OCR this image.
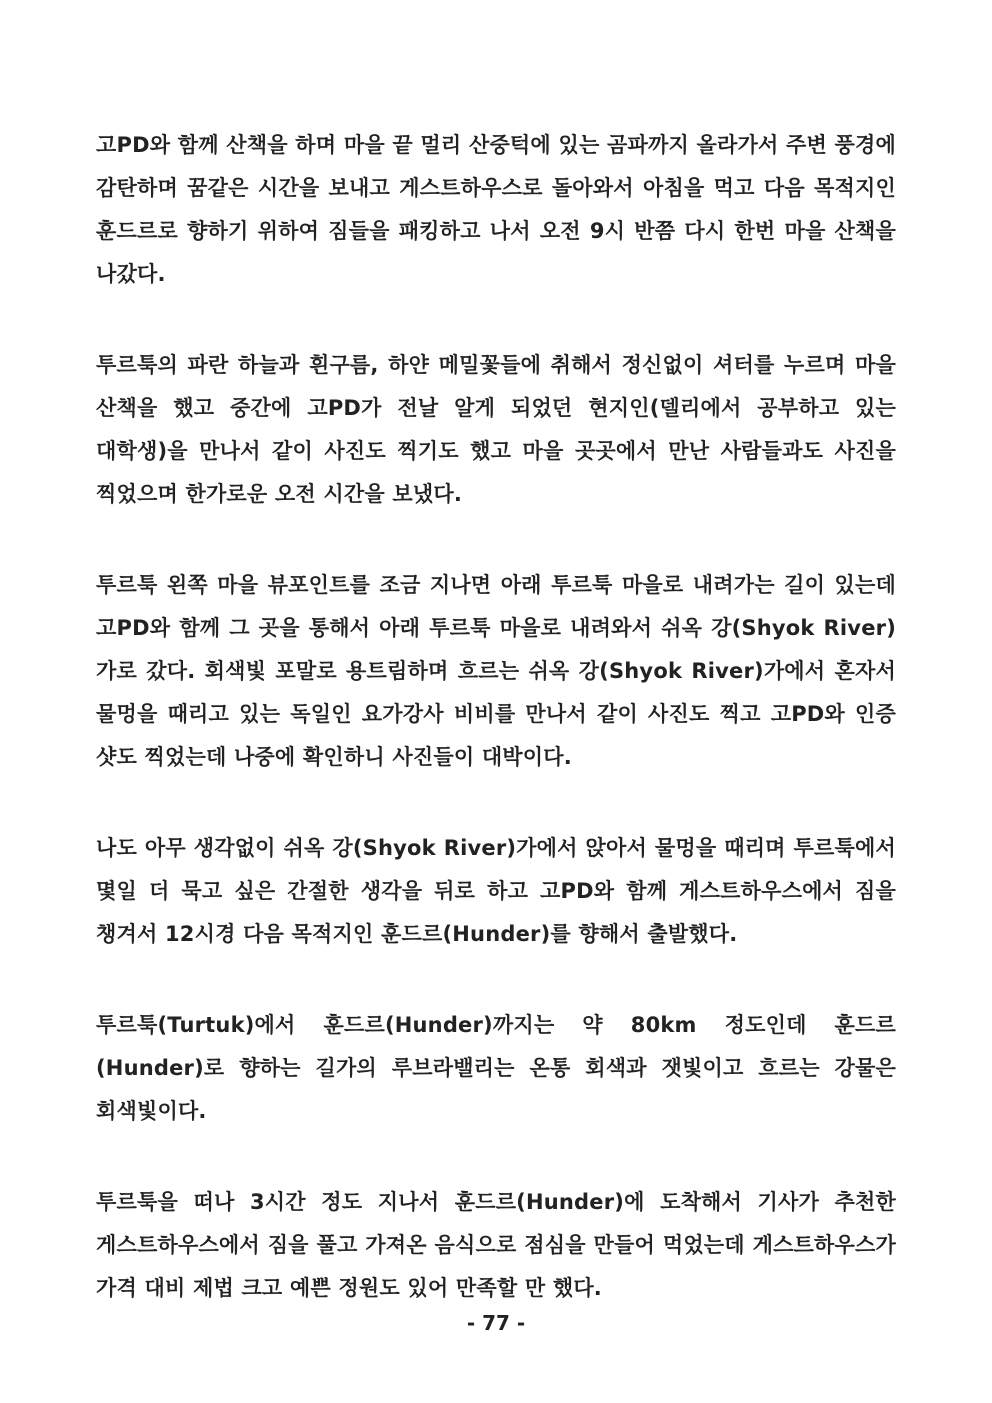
고PD와 함께 산책을 하며 마을 끝 멀리 산중턱에 있는 곰파까지 올라가서 주변 풍경에 감탄하며 꿈같은 시간을 보내고 게스트하우스로 돌아와서 아침을 먹고 다음 목적지인 훈드르로 향하기 위하여 짐들을 패킹하고 나서 오전 9시 반쯤 다시 한번 마을 산책을 나갔다.

투르툭의 파란 하늘과 흰구름, 하얀 메밀꽃들에 취해서 정신없이 셔터를 누르며 마을 산책을 했고 중간에 고PD가 전날 알게 되었던 현지인(델리에서 공부하고 있는 대학생)을 만나서 같이 사진도 찍기도 했고 마을 곳곳에서 만난 사람들과도 사진을 찍었으며 한가로운 오전 시간을 보냈다.

투르툭 왼쪽 마을 뷰포인트를 조금 지나면 아래 투르툭 마을로 내려가는 길이 있는데 고PD와 함께 그 곳을 통해서 아래 투르툭 마을로 내려와서 쉬옥 강(Shyok River)가로 갔다. 회색빛 포말로 용트림하며 흐르는 쉬옥 강(Shyok River)가에서 혼자서 물멍을 때리고 있는 독일인 요가강사 비비를 만나서 같이 사진도 찍고 고PD와 인증 샷도 찍었는데 나중에 확인하니 사진들이 대박이다.

나도 아무 생각없이 쉬옥 강(Shyok River)가에서 앉아서 물멍을 때리며 투르툭에서 몇일 더 묵고 싶은 간절한 생각을 뒤로 하고 고PD와 함께 게스트하우스에서 짐을 챙겨서 12시경 다음 목적지인 훈드르(Hunder)를 향해서 출발했다.

투르툭(Turtuk)에서 훈드르(Hunder)까지는 약 80km 정도인데 훈드르(Hunder)로 향하는 길가의 루브라밸리는 온통 회색과 잿빛이고 흐르는 강물은 회색빛이다.

투르툭을 떠나 3시간 정도 지나서 훈드르(Hunder)에 도착해서 기사가 추천한 게스트하우스에서 짐을 풀고 가져온 음식으로 점심을 만들어 먹었는데 게스트하우스가 가격 대비 제법 크고 예쁜 정원도 있어 만족할 만 했다.

- 77 -
